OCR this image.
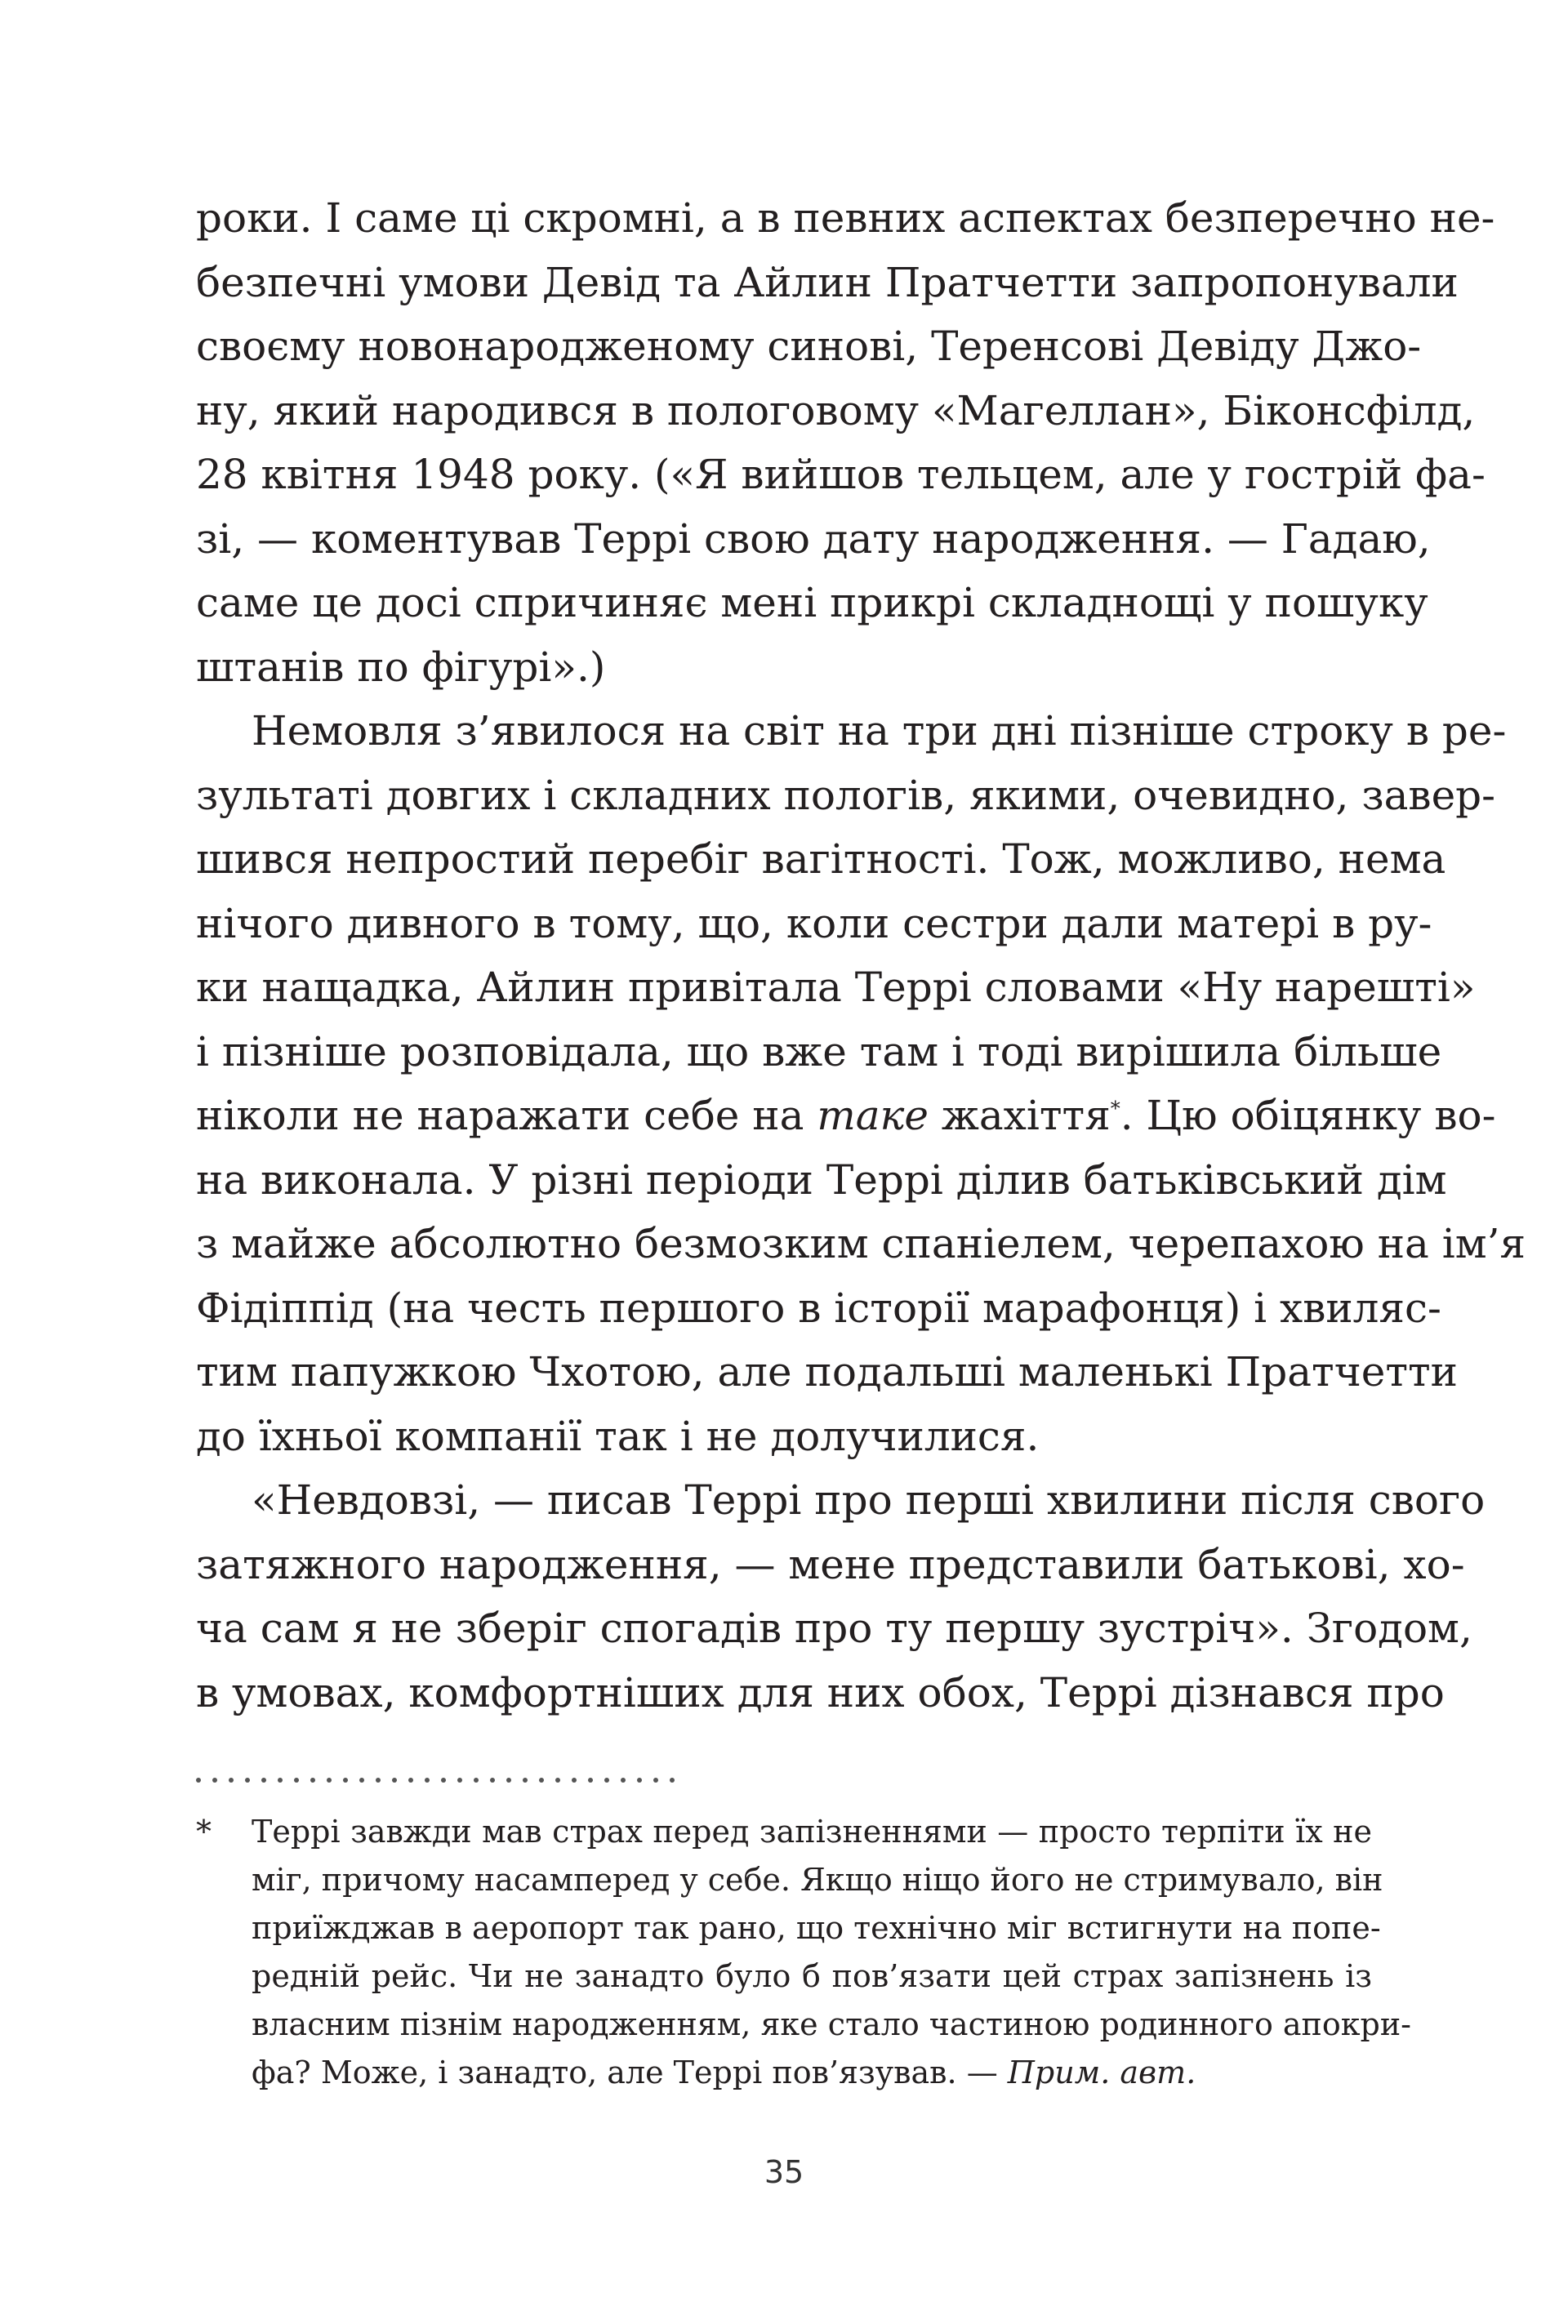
роки. І саме ці скромні, а в певних аспектах безперечно не-
безпечні умови Девід та Айлин Пратчетти запропонували
своєму новонародженому синові, Теренсові Девіду Джо-
ну, який народився в пологовому «Магеллан», Біконсфілд,
28 квітня 1948 року. («Я вийшов тельцем, але у гострій фа-
зі, — коментував Террі свою дату народження. — Гадаю,
саме це досі спричиняє мені прикрі складнощі у пошуку
штанів по фігурі».)
Немовля з’явилося на світ на три дні пізніше строку в ре-
зультаті довгих і складних пологів, якими, очевидно, завер-
шився непростий перебіг вагітності. Тож, можливо, нема
нічого дивного в тому, що, коли сестри дали матері в ру-
ки нащадка, Айлин привітала Террі словами «Ну нарешті»
і пізніше розповідала, що вже там і тоді вирішила більше
ніколи не наражати себе на таке жахіття*. Цю обіцянку во-
на виконала. У різні періоди Террі ділив батьківський дім
з майже абсолютно безмозким спаніелем, черепахою на ім’я
Фідіппід (на честь першого в історії марафонця) і хвиляс-
тим папужкою Чхотою, але подальші маленькі Пратчетти
до їхньої компанії так і не долучилися.
«Невдовзі, — писав Террі про перші хвилини після свого
затяжного народження, — мене представили батькові, хо-
ча сам я не зберіг спогадів про ту першу зустріч». Згодом,
в умовах, комфортніших для них обох, Террі дізнався про
* Террі завжди мав страх перед запізненнями — просто терпіти їх не
міг, причому насамперед у себе. Якщо ніщо його не стримувало, він
приїжджав в аеропорт так рано, що технічно міг встигнути на попе-
редній рейс. Чи не занадто було б пов’язати цей страх запізнень із
власним пізнім народженням, яке стало частиною родинного апокри-
фа? Може, і занадто, але Террі пов’язував. — Прим. авт.
35
